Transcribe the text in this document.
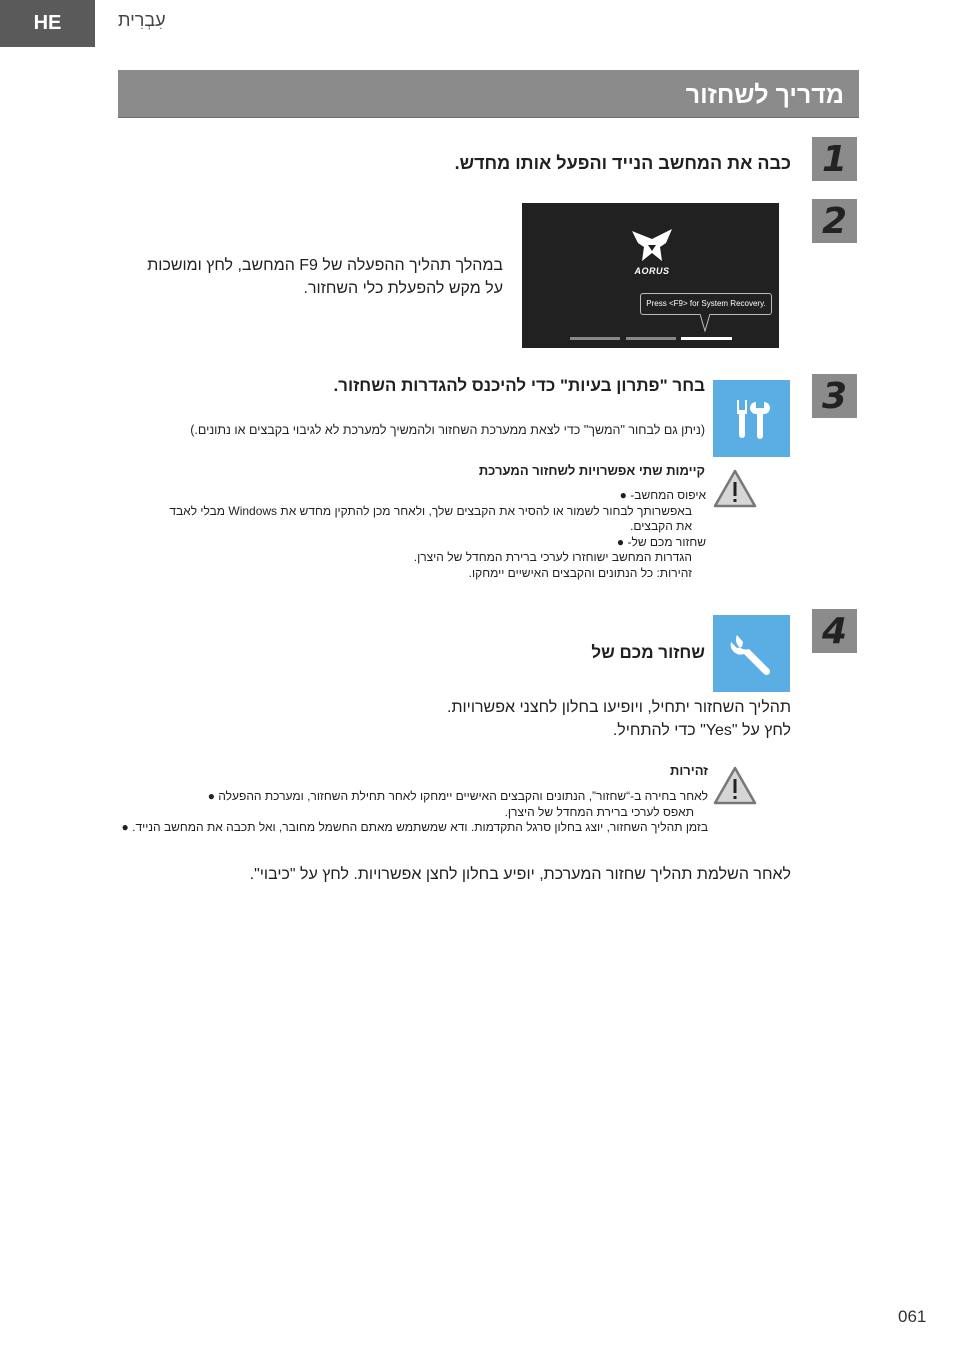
HE	עִבְרִית
מדריך לשחזור
1
כבה את המחשב הנייד והפעל אותו מחדש.
2
AORUS
Press <F9> for System Recovery.
במהלך תהליך ההפעלה של F9 המחשב, לחץ ומושכות
על מקש להפעלת כלי השחזור.
3
בחר "פתרון בעיות" כדי להיכנס להגדרות השחזור.
(ניתן גם לבחור "המשך" כדי לצאת ממערכת השחזור ולהמשיך למערכת לא לגיבוי בקבצים או נתונים.)
קיימות שתי אפשרויות לשחזור המערכת
איפוס המחשב- ●
באפשרותך לבחור לשמור או להסיר את הקבצים שלך, ולאחר מכן להתקין מחדש את Windows מבלי לאבד
את הקבצים.
שחזור מכם של- ●
הגדרות המחשב ישוחזרו לערכי ברירת המחדל של היצרן.
זהירות: כל הנתונים והקבצים האישיים יימחקו.
4
שחזור מכם של
תהליך השחזור יתחיל, ויופיעו בחלון לחצני אפשרויות.
לחץ על "Yes" כדי להתחיל.
זהירות
לאחר בחירה ב-“שחזור”, הנתונים והקבצים האישיים יימחקו לאחר תחילת השחזור, ומערכת ההפעלה ●
תאפס לערכי ברירת המחדל של היצרן.
בזמן תהליך השחזור, יוצג בחלון סרגל התקדמות. ודא שמשתמש מאתם החשמל מחובר, ואל תכבה את המחשב הנייד. ●
לאחר השלמת תהליך שחזור המערכת, יופיע בחלון לחצן אפשרויות. לחץ על "כיבוי".
061
